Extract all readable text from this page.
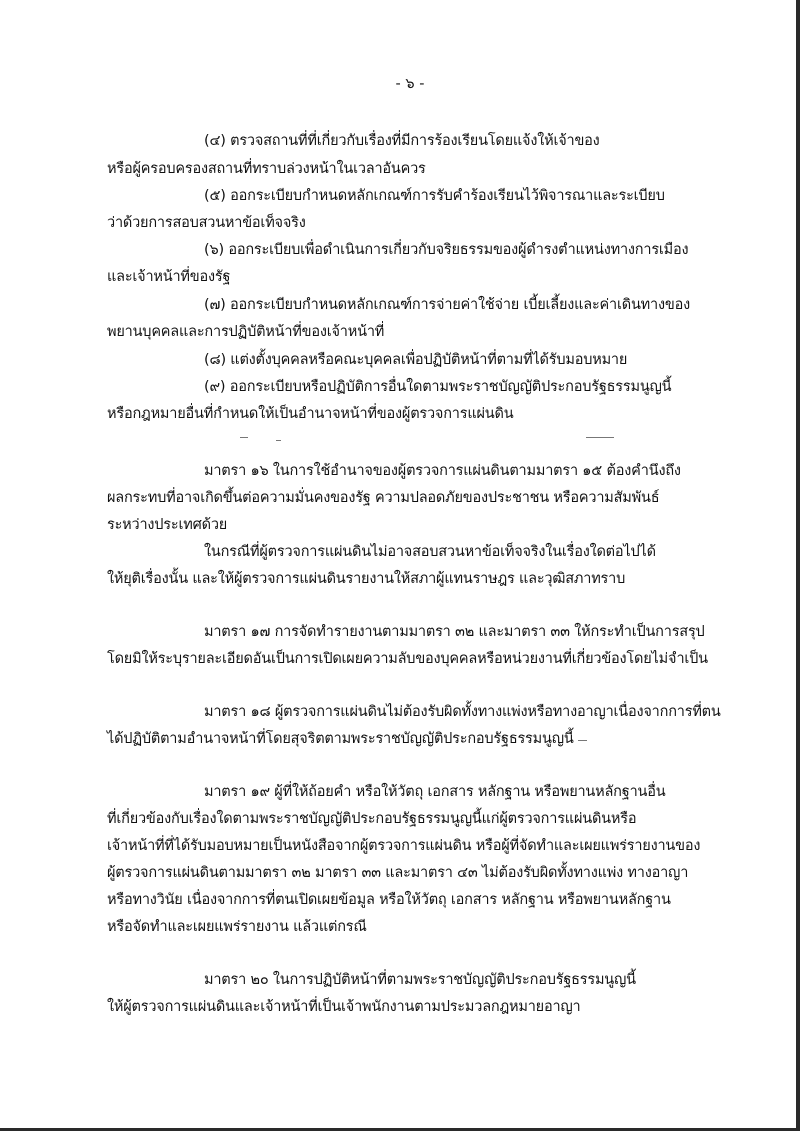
- ๖ -
(๔) ตรวจสถานที่ที่เกี่ยวกับเรื่องที่มีการร้องเรียนโดยแจ้งให้เจ้าของ
หรือผู้ครอบครองสถานที่ทราบล่วงหน้าในเวลาอันควร
(๕) ออกระเบียบกำหนดหลักเกณฑ์การรับคำร้องเรียนไว้พิจารณาและระเบียบ
ว่าด้วยการสอบสวนหาข้อเท็จจริง
(๖) ออกระเบียบเพื่อดำเนินการเกี่ยวกับจริยธรรมของผู้ดำรงตำแหน่งทางการเมือง
และเจ้าหน้าที่ของรัฐ
(๗) ออกระเบียบกำหนดหลักเกณฑ์การจ่ายค่าใช้จ่าย เบี้ยเลี้ยงและค่าเดินทางของ
พยานบุคคลและการปฏิบัติหน้าที่ของเจ้าหน้าที่
(๘) แต่งตั้งบุคคลหรือคณะบุคคลเพื่อปฏิบัติหน้าที่ตามที่ได้รับมอบหมาย
(๙) ออกระเบียบหรือปฏิบัติการอื่นใดตามพระราชบัญญัติประกอบรัฐธรรมนูญนี้
หรือกฎหมายอื่นที่กำหนดให้เป็นอำนาจหน้าที่ของผู้ตรวจการแผ่นดิน
มาตรา ๑๖ ในการใช้อำนาจของผู้ตรวจการแผ่นดินตามมาตรา ๑๕ ต้องคำนึงถึง
ผลกระทบที่อาจเกิดขึ้นต่อความมั่นคงของรัฐ ความปลอดภัยของประชาชน หรือความสัมพันธ์
ระหว่างประเทศด้วย
ในกรณีที่ผู้ตรวจการแผ่นดินไม่อาจสอบสวนหาข้อเท็จจริงในเรื่องใดต่อไปได้
ให้ยุติเรื่องนั้น และให้ผู้ตรวจการแผ่นดินรายงานให้สภาผู้แทนราษฎร และวุฒิสภาทราบ
มาตรา ๑๗ การจัดทำรายงานตามมาตรา ๓๒ และมาตรา ๓๓ ให้กระทำเป็นการสรุป
โดยมิให้ระบุรายละเอียดอันเป็นการเปิดเผยความลับของบุคคลหรือหน่วยงานที่เกี่ยวข้องโดยไม่จำเป็น
มาตรา ๑๘ ผู้ตรวจการแผ่นดินไม่ต้องรับผิดทั้งทางแพ่งหรือทางอาญาเนื่องจากการที่ตน
ได้ปฏิบัติตามอำนาจหน้าที่โดยสุจริตตามพระราชบัญญัติประกอบรัฐธรรมนูญนี้
มาตรา ๑๙ ผู้ที่ให้ถ้อยคำ หรือให้วัตถุ เอกสาร หลักฐาน หรือพยานหลักฐานอื่น
ที่เกี่ยวข้องกับเรื่องใดตามพระราชบัญญัติประกอบรัฐธรรมนูญนี้แก่ผู้ตรวจการแผ่นดินหรือ
เจ้าหน้าที่ที่ได้รับมอบหมายเป็นหนังสือจากผู้ตรวจการแผ่นดิน หรือผู้ที่จัดทำและเผยแพร่รายงานของ
ผู้ตรวจการแผ่นดินตามมาตรา ๓๒ มาตรา ๓๓ และมาตรา ๔๓ ไม่ต้องรับผิดทั้งทางแพ่ง ทางอาญา
หรือทางวินัย เนื่องจากการที่ตนเปิดเผยข้อมูล หรือให้วัตถุ เอกสาร หลักฐาน หรือพยานหลักฐาน
หรือจัดทำและเผยแพร่รายงาน แล้วแต่กรณี
มาตรา ๒๐ ในการปฏิบัติหน้าที่ตามพระราชบัญญัติประกอบรัฐธรรมนูญนี้
ให้ผู้ตรวจการแผ่นดินและเจ้าหน้าที่เป็นเจ้าพนักงานตามประมวลกฎหมายอาญา
